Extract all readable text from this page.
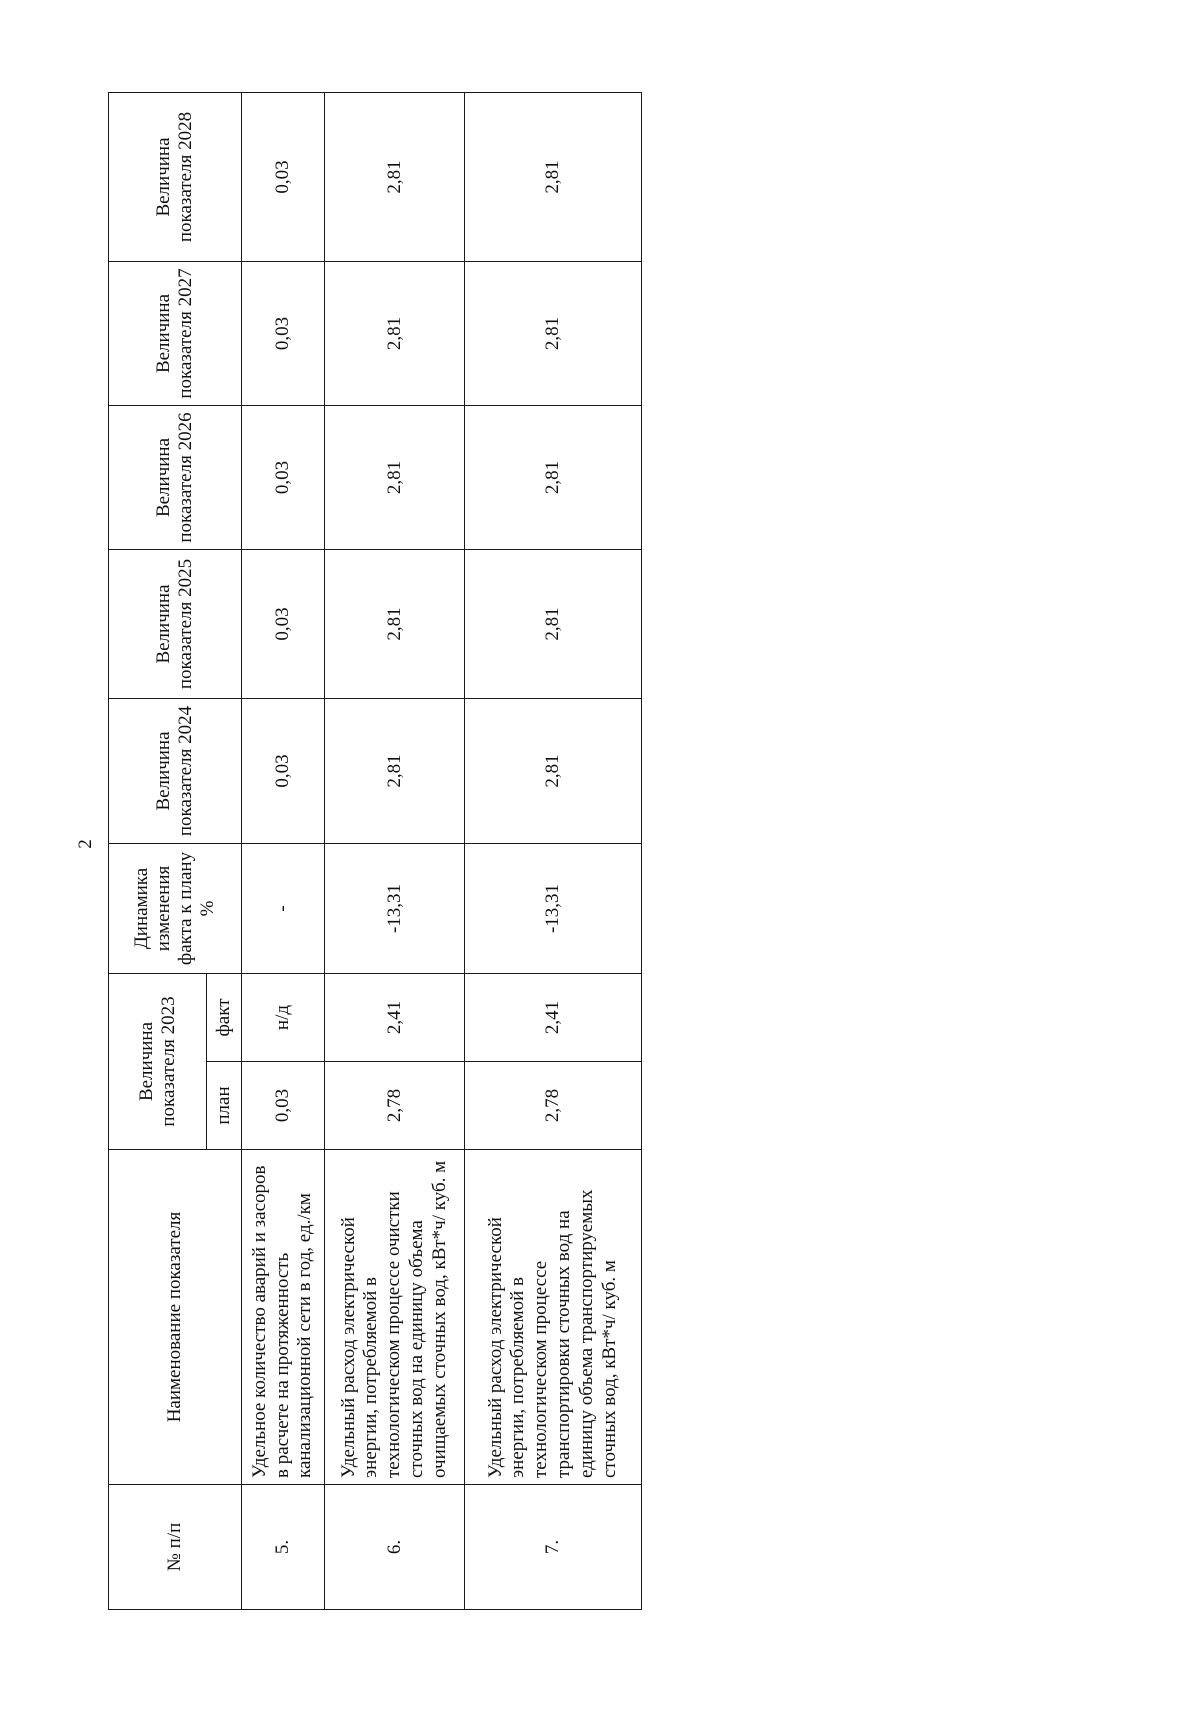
2
№ п/п	Наименование показателя	Величина показателя 2023		Динамика изменения факта к плану %	Величина показателя 2024	Величина показателя 2025	Величина показателя 2026	Величина показателя 2027	Величина показателя 2028
		план	факт						
5.	Удельное количество аварий и засоров в расчете на протяженность канализационной сети в год, ед./км	0,03	н/д	-	0,03	0,03	0,03	0,03	0,03
6.	Удельный расход электрической энергии, потребляемой в технологическом процессе очистки сточных вод на единицу объема очищаемых сточных вод, кВт*ч/ куб. м	2,78	2,41	-13,31	2,81	2,81	2,81	2,81	2,81
7.	Удельный расход электрической энергии, потребляемой в технологическом процессе транспортировки сточных вод на единицу объема транспортируемых сточных вод, кВт*ч/ куб. м	2,78	2,41	-13,31	2,81	2,81	2,81	2,81	2,81
